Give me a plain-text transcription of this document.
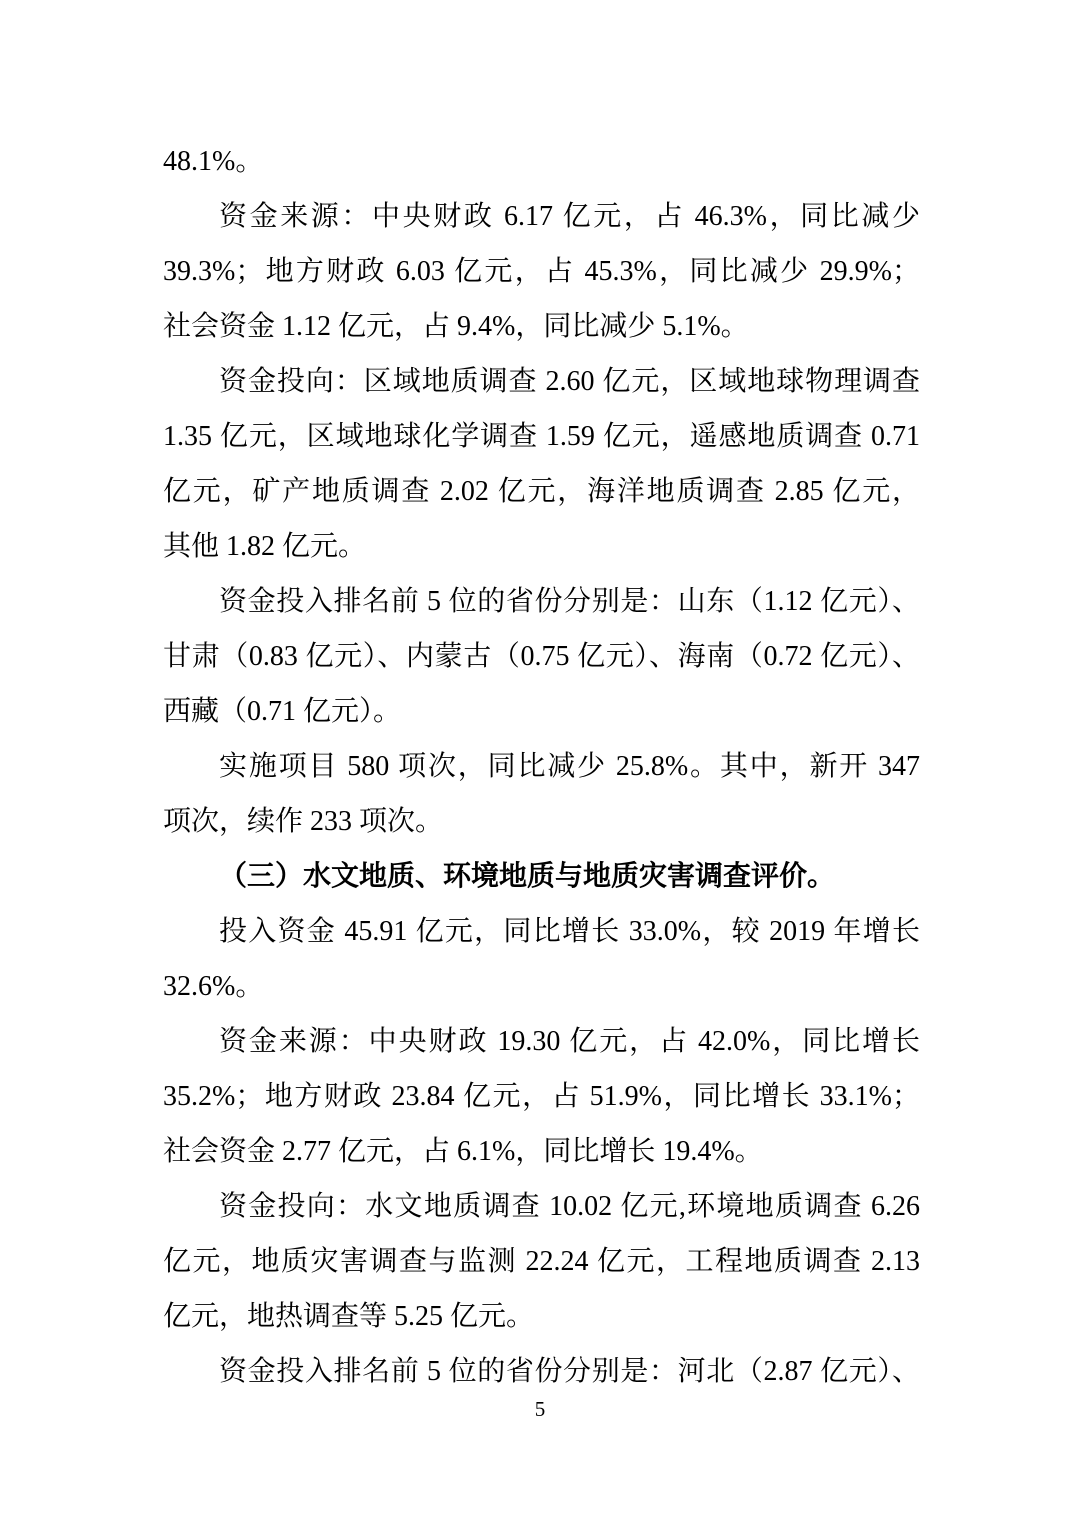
48.1%。
资金来源：中央财政 6.17 亿元，占 46.3%，同比减少
39.3%；地方财政 6.03 亿元，占 45.3%，同比减少 29.9%；
社会资金 1.12 亿元，占 9.4%，同比减少 5.1%。
资金投向：区域地质调查 2.60 亿元，区域地球物理调查
1.35 亿元，区域地球化学调查 1.59 亿元，遥感地质调查 0.71
亿元，矿产地质调查 2.02 亿元，海洋地质调查 2.85 亿元，
其他 1.82 亿元。
资金投入排名前 5 位的省份分别是：山东（1.12 亿元）、
甘肃（0.83 亿元）、内蒙古（0.75 亿元）、海南（0.72 亿元）、
西藏（0.71 亿元）。
实施项目 580 项次，同比减少 25.8%。其中，新开 347
项次，续作 233 项次。
（三）水文地质、环境地质与地质灾害调查评价。
投入资金 45.91 亿元，同比增长 33.0%，较 2019 年增长
32.6%。
资金来源：中央财政 19.30 亿元，占 42.0%，同比增长
35.2%；地方财政 23.84 亿元，占 51.9%，同比增长 33.1%；
社会资金 2.77 亿元，占 6.1%，同比增长 19.4%。
资金投向：水文地质调查 10.02 亿元,环境地质调查 6.26
亿元，地质灾害调查与监测 22.24 亿元，工程地质调查 2.13
亿元，地热调查等 5.25 亿元。
资金投入排名前 5 位的省份分别是：河北（2.87 亿元）、
5
